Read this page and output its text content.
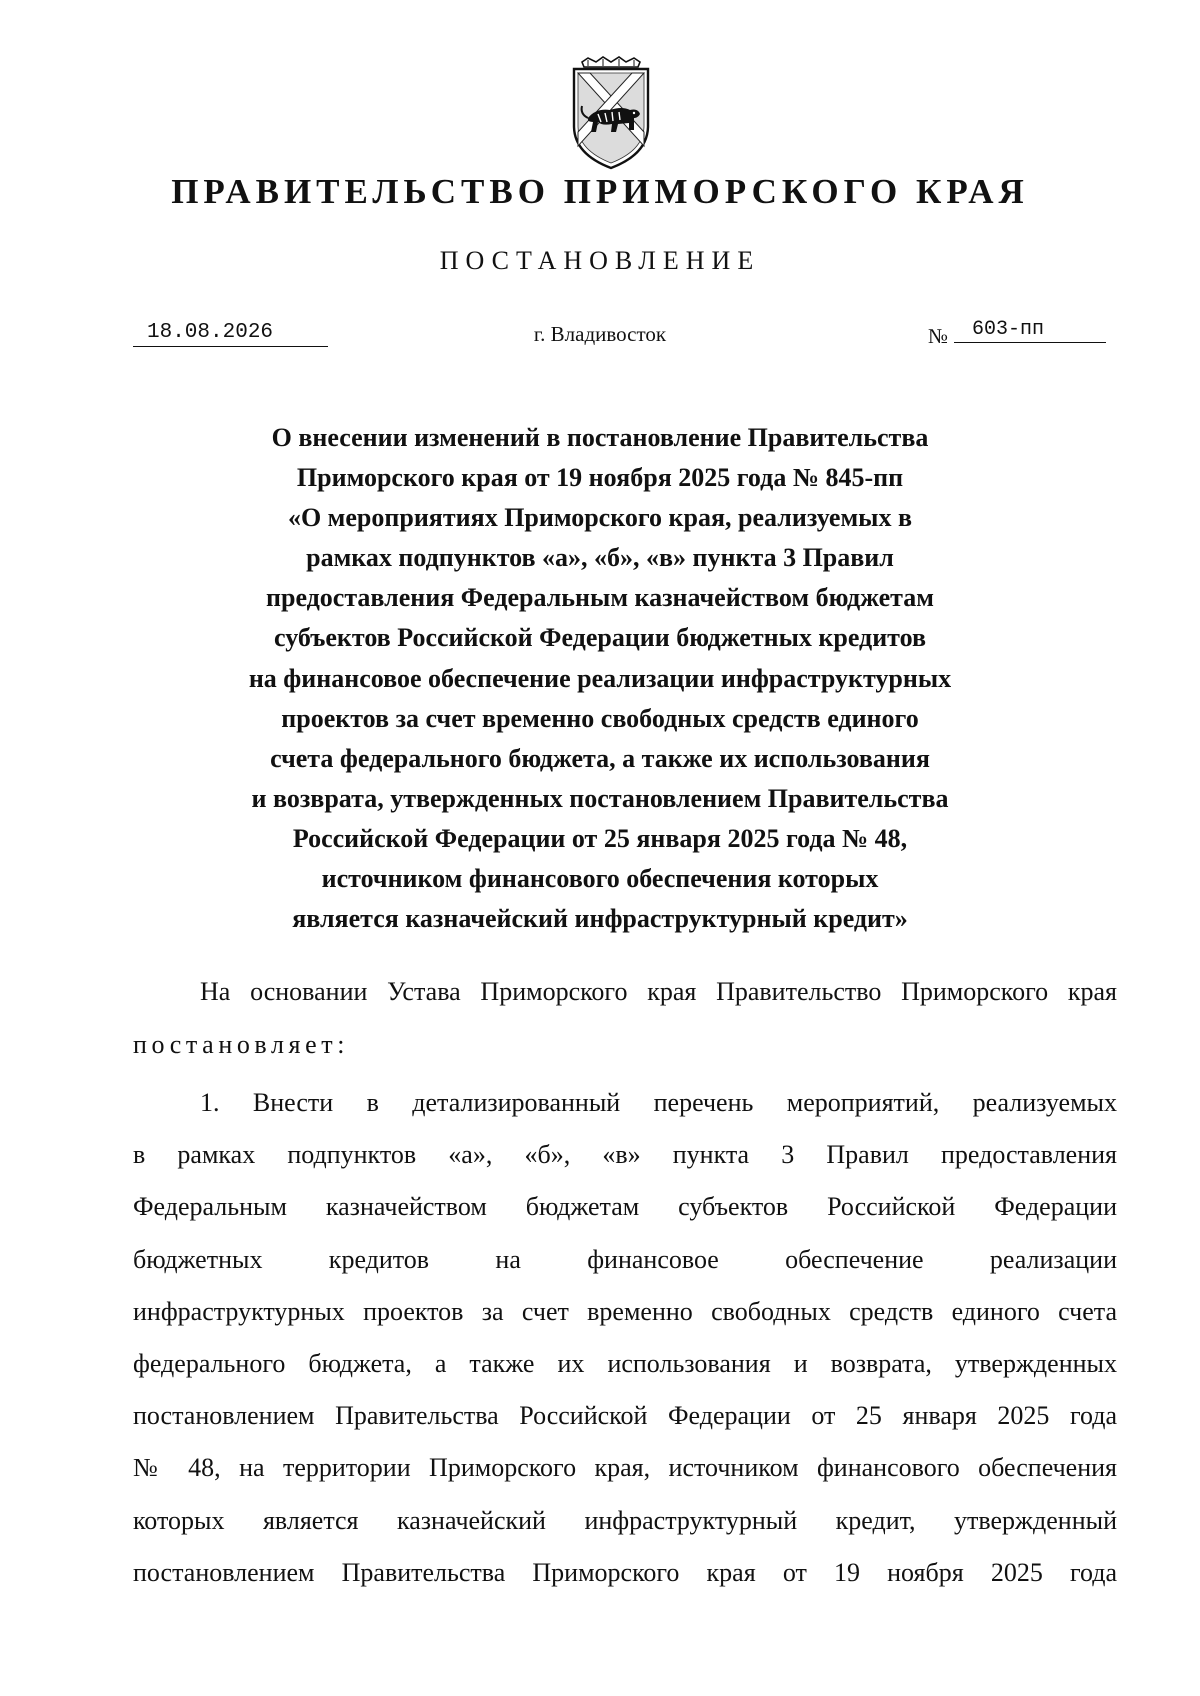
ПРАВИТЕЛЬСТВО ПРИМОРСКОГО КРАЯ
ПОСТАНОВЛЕНИЕ
18.08.2026	г. Владивосток	№	603-пп
О внесении изменений в постановление Правительства
Приморского края от 19 ноября 2025 года № 845-пп
«О мероприятиях Приморского края, реализуемых в
рамках подпунктов «а», «б», «в» пункта 3 Правил
предоставления Федеральным казначейством бюджетам
субъектов Российской Федерации бюджетных кредитов
на финансовое обеспечение реализации инфраструктурных
проектов за счет временно свободных средств единого
счета федерального бюджета, а также их использования
и возврата, утвержденных постановлением Правительства
Российской Федерации от 25 января 2025 года № 48,
источником финансового обеспечения которых
является казначейский инфраструктурный кредит»
На основании Устава Приморского края Правительство Приморского края
постановляет:
1. Внести в детализированный перечень мероприятий, реализуемых
в рамках подпунктов «а», «б», «в» пункта 3 Правил предоставления
Федеральным казначейством бюджетам субъектов Российской Федерации
бюджетных кредитов на финансовое обеспечение реализации
инфраструктурных проектов за счет временно свободных средств единого счета
федерального бюджета, а также их использования и возврата, утвержденных
постановлением Правительства Российской Федерации от 25 января 2025 года
№ 48, на территории Приморского края, источником финансового обеспечения
которых является казначейский инфраструктурный кредит, утвержденный
постановлением Правительства Приморского края от 19 ноября 2025 года
